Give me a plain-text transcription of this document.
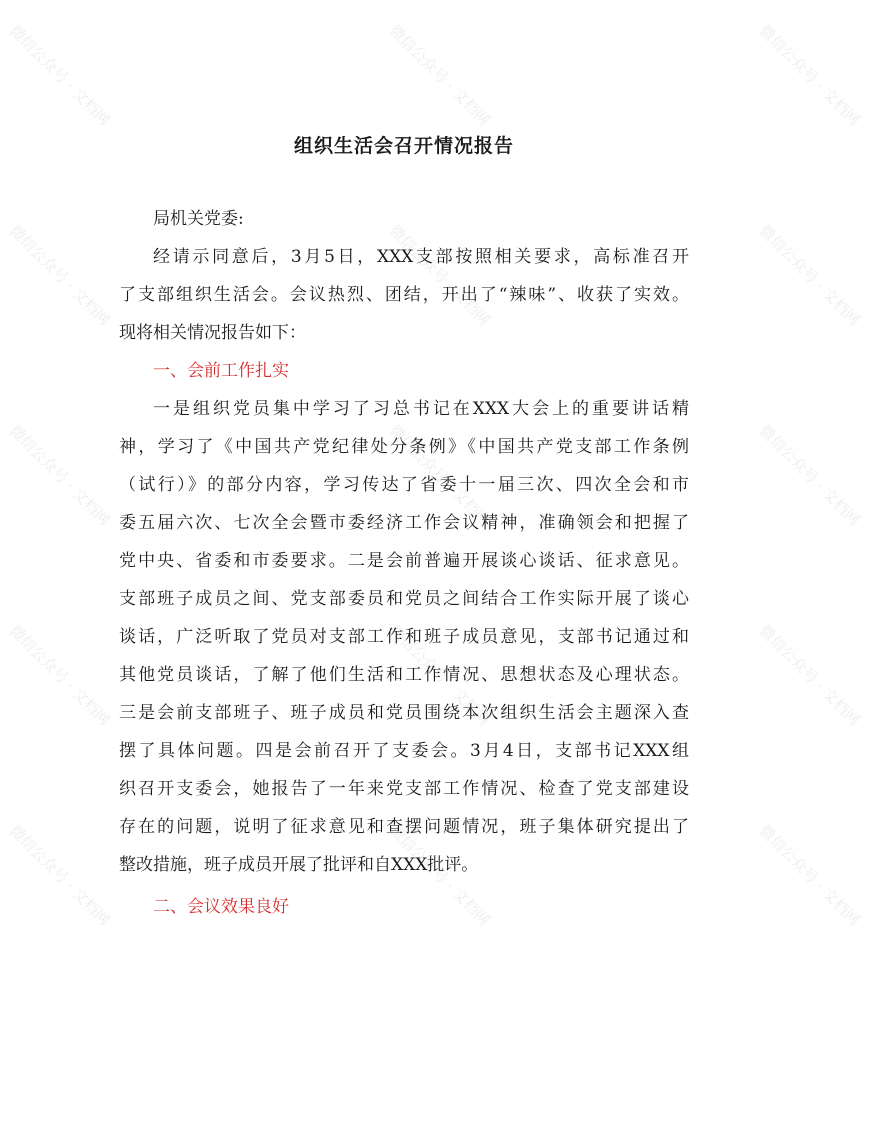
微信公众号 · 文档网	微信公众号 · 文档网	微信公众号 · 文档网
微信公众号 · 文档网	微信公众号 · 文档网	微信公众号 · 文档网
微信公众号 · 文档网	微信公众号 · 文档网	微信公众号 · 文档网
微信公众号 · 文档网	微信公众号 · 文档网	微信公众号 · 文档网
微信公众号 · 文档网	微信公众号 · 文档网	微信公众号 · 文档网
组织生活会召开情况报告

局机关党委:

经请示同意后，3月5日，XXX支部按照相关要求，高标准召开

了支部组织生活会。会议热烈、团结，开出了“辣味”、收获了实效。

现将相关情况报告如下：

一、会前工作扎实

一是组织党员集中学习了习总书记在XXX大会上的重要讲话精

神，学习了《中国共产党纪律处分条例》《中国共产党支部工作条例

（试行）》的部分内容，学习传达了省委十一届三次、四次全会和市

委五届六次、七次全会暨市委经济工作会议精神，准确领会和把握了

党中央、省委和市委要求。二是会前普遍开展谈心谈话、征求意见。

支部班子成员之间、党支部委员和党员之间结合工作实际开展了谈心

谈话，广泛听取了党员对支部工作和班子成员意见，支部书记通过和

其他党员谈话，了解了他们生活和工作情况、思想状态及心理状态。

三是会前支部班子、班子成员和党员围绕本次组织生活会主题深入查

摆了具体问题。四是会前召开了支委会。3月4日，支部书记XXX组

织召开支委会，她报告了一年来党支部工作情况、检查了党支部建设

存在的问题，说明了征求意见和查摆问题情况，班子集体研究提出了

整改措施，班子成员开展了批评和自XXX批评。

二、会议效果良好
